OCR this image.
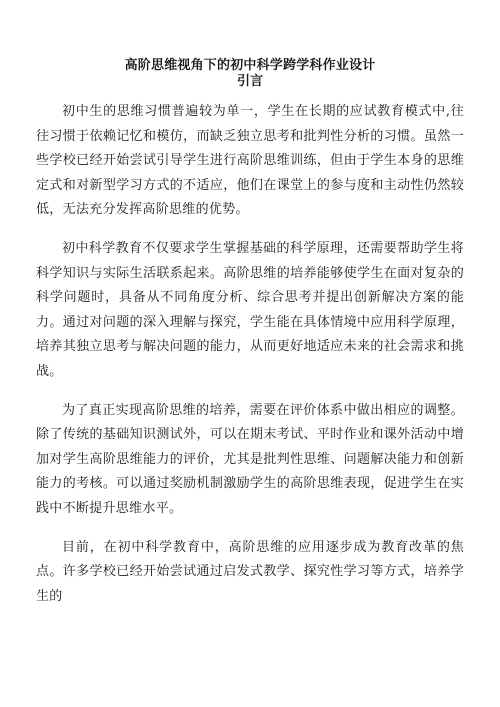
高阶思维视角下的初中科学跨学科作业设计
引言

初中生的思维习惯普遍较为单一，学生在长期的应试教育模式中,往往习惯于依赖记忆和模仿，而缺乏独立思考和批判性分析的习惯。虽然一些学校已经开始尝试引导学生进行高阶思维训练，但由于学生本身的思维定式和对新型学习方式的不适应，他们在课堂上的参与度和主动性仍然较低，无法充分发挥高阶思维的优势。

初中科学教育不仅要求学生掌握基础的科学原理，还需要帮助学生将科学知识与实际生活联系起来。高阶思维的培养能够使学生在面对复杂的科学问题时，具备从不同角度分析、综合思考并提出创新解决方案的能力。通过对问题的深入理解与探究，学生能在具体情境中应用科学原理，培养其独立思考与解决问题的能力，从而更好地适应未来的社会需求和挑战。

为了真正实现高阶思维的培养，需要在评价体系中做出相应的调整。除了传统的基础知识测试外，可以在期末考试、平时作业和课外活动中增加对学生高阶思维能力的评价，尤其是批判性思维、问题解决能力和创新能力的考核。可以通过奖励机制激励学生的高阶思维表现，促进学生在实践中不断提升思维水平。

目前，在初中科学教育中，高阶思维的应用逐步成为教育改革的焦点。许多学校已经开始尝试通过启发式教学、探究性学习等方式，培养学生的
